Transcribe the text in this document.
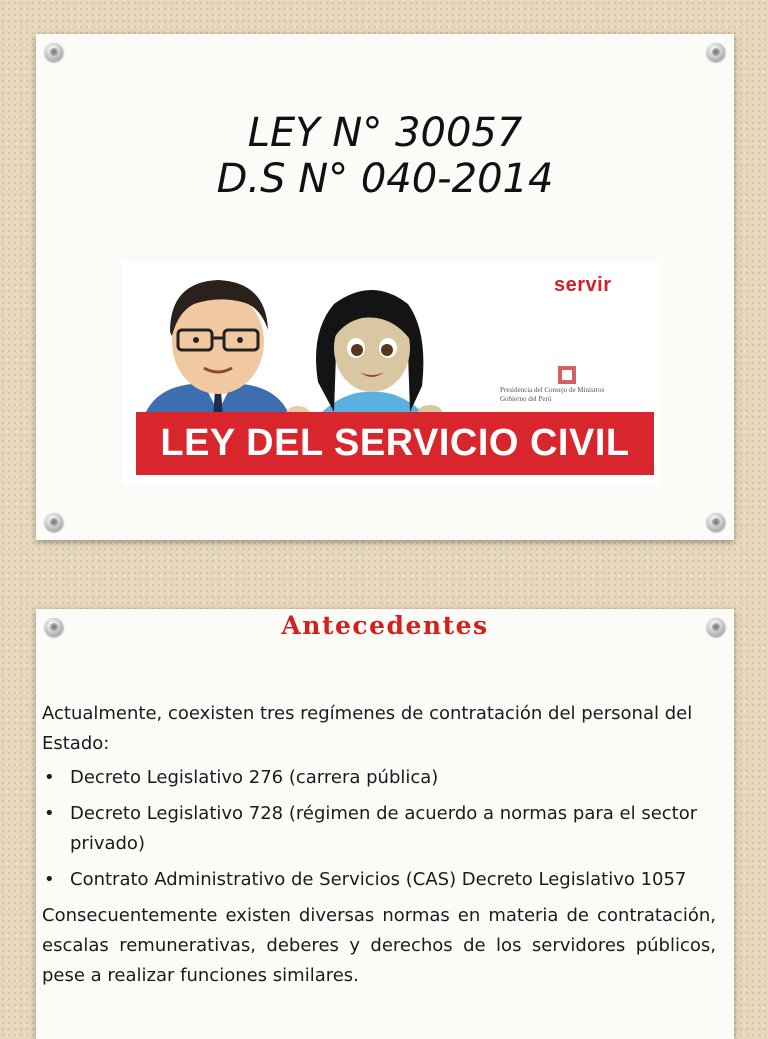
LEY N° 30057
D.S N° 040-2014
servir
Presidencia del Consejo de Ministros
Gobierno del Perú
LEY DEL SERVICIO CIVIL
Antecedentes

Actualmente, coexisten tres regímenes de contratación del personal del Estado:

• Decreto Legislativo 276 (carrera pública)
• Decreto Legislativo 728 (régimen de acuerdo a normas para el sector privado)
• Contrato Administrativo de Servicios (CAS) Decreto Legislativo 1057

Consecuentemente existen diversas normas en materia de contratación, escalas remunerativas, deberes y derechos de los servidores públicos, pese a realizar funciones similares.
